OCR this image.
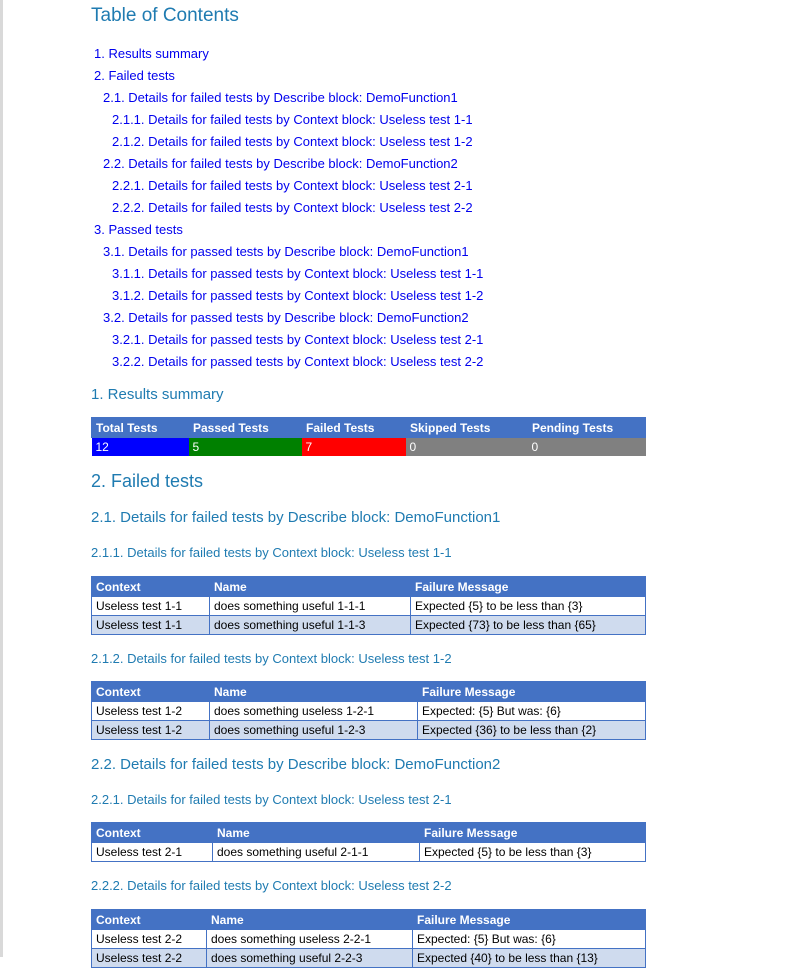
Table of Contents
1. Results summary
2. Failed tests
2.1. Details for failed tests by Describe block: DemoFunction1
2.1.1. Details for failed tests by Context block: Useless test 1-1
2.1.2. Details for failed tests by Context block: Useless test 1-2
2.2. Details for failed tests by Describe block: DemoFunction2
2.2.1. Details for failed tests by Context block: Useless test 2-1
2.2.2. Details for failed tests by Context block: Useless test 2-2
3. Passed tests
3.1. Details for passed tests by Describe block: DemoFunction1
3.1.1. Details for passed tests by Context block: Useless test 1-1
3.1.2. Details for passed tests by Context block: Useless test 1-2
3.2. Details for passed tests by Describe block: DemoFunction2
3.2.1. Details for passed tests by Context block: Useless test 2-1
3.2.2. Details for passed tests by Context block: Useless test 2-2
1. Results summary
Total Tests	Passed Tests	Failed Tests	Skipped Tests	Pending Tests
12	5	7	0	0
2. Failed tests
2.1. Details for failed tests by Describe block: DemoFunction1
2.1.1. Details for failed tests by Context block: Useless test 1-1
Context	Name	Failure Message
Useless test 1-1	does something useful 1-1-1	Expected {5} to be less than {3}
Useless test 1-1	does something useful 1-1-3	Expected {73} to be less than {65}
2.1.2. Details for failed tests by Context block: Useless test 1-2
Context	Name	Failure Message
Useless test 1-2	does something useless 1-2-1	Expected: {5} But was: {6}
Useless test 1-2	does something useful 1-2-3	Expected {36} to be less than {2}
2.2. Details for failed tests by Describe block: DemoFunction2
2.2.1. Details for failed tests by Context block: Useless test 2-1
Context	Name	Failure Message
Useless test 2-1	does something useful 2-1-1	Expected {5} to be less than {3}
2.2.2. Details for failed tests by Context block: Useless test 2-2
Context	Name	Failure Message
Useless test 2-2	does something useless 2-2-1	Expected: {5} But was: {6}
Useless test 2-2	does something useful 2-2-3	Expected {40} to be less than {13}
